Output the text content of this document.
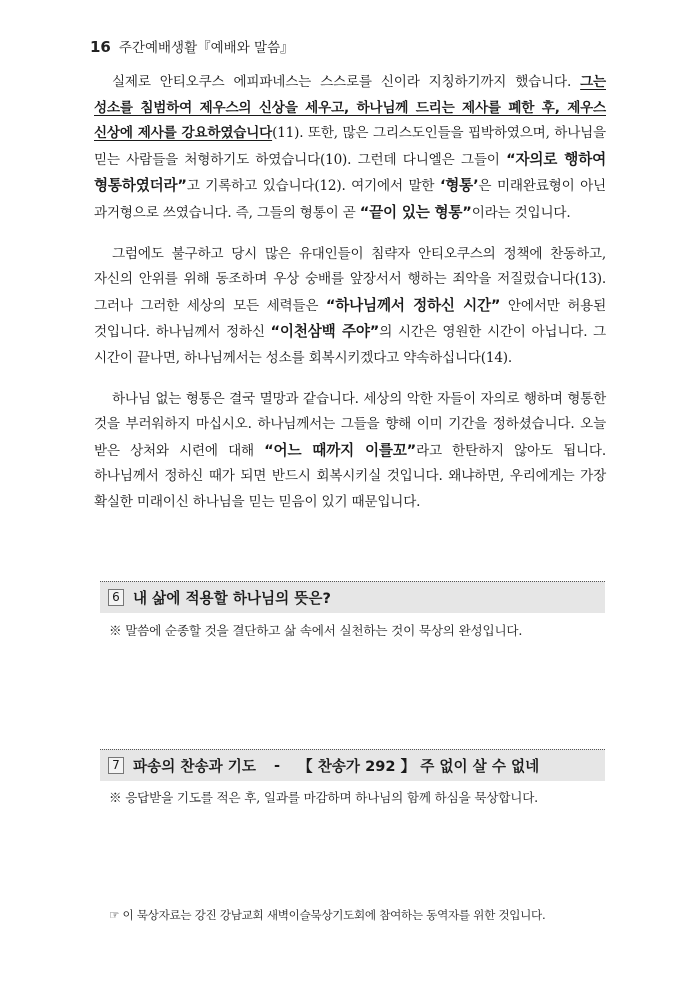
16 주간예배생활『예배와 말씀』

실제로 안티오쿠스 에피파네스는 스스로를 신이라 지칭하기까지 했습니다. 그는 성소를 침범하여 제우스의 신상을 세우고, 하나님께 드리는 제사를 폐한 후, 제우스 신상에 제사를 강요하였습니다(11). 또한, 많은 그리스도인들을 핍박하였으며, 하나님을 믿는 사람들을 처형하기도 하였습니다(10). 그런데 다니엘은 그들이 “자의로 행하여 형통하였더라”고 기록하고 있습니다(12). 여기에서 말한 ‘형통’은 미래완료형이 아닌 과거형으로 쓰였습니다. 즉, 그들의 형통이 곧 “끝이 있는 형통”이라는 것입니다.

그럼에도 불구하고 당시 많은 유대인들이 침략자 안티오쿠스의 정책에 찬동하고, 자신의 안위를 위해 동조하며 우상 숭배를 앞장서서 행하는 죄악을 저질렀습니다(13). 그러나 그러한 세상의 모든 세력들은 “하나님께서 정하신 시간” 안에서만 허용된 것입니다. 하나님께서 정하신 “이천삼백 주야”의 시간은 영원한 시간이 아닙니다. 그 시간이 끝나면, 하나님께서는 성소를 회복시키겠다고 약속하십니다(14).

하나님 없는 형통은 결국 멸망과 같습니다. 세상의 악한 자들이 자의로 행하며 형통한 것을 부러워하지 마십시오. 하나님께서는 그들을 향해 이미 기간을 정하셨습니다. 오늘 받은 상처와 시련에 대해 “어느 때까지 이를꼬”라고 한탄하지 않아도 됩니다. 하나님께서 정하신 때가 되면 반드시 회복시키실 것입니다. 왜냐하면, 우리에게는 가장 확실한 미래이신 하나님을 믿는 믿음이 있기 때문입니다.

6 내 삶에 적용할 하나님의 뜻은?
※ 말씀에 순종할 것을 결단하고 삶 속에서 실천하는 것이 묵상의 완성입니다.
7 파송의 찬송과 기도 - 【 찬송가 292 】 주 없이 살 수 없네
※ 응답받을 기도를 적은 후, 일과를 마감하며 하나님의 함께 하심을 묵상합니다.
☞ 이 묵상자료는 강진 강남교회 새벽이슬묵상기도회에 참여하는 동역자를 위한 것입니다.
